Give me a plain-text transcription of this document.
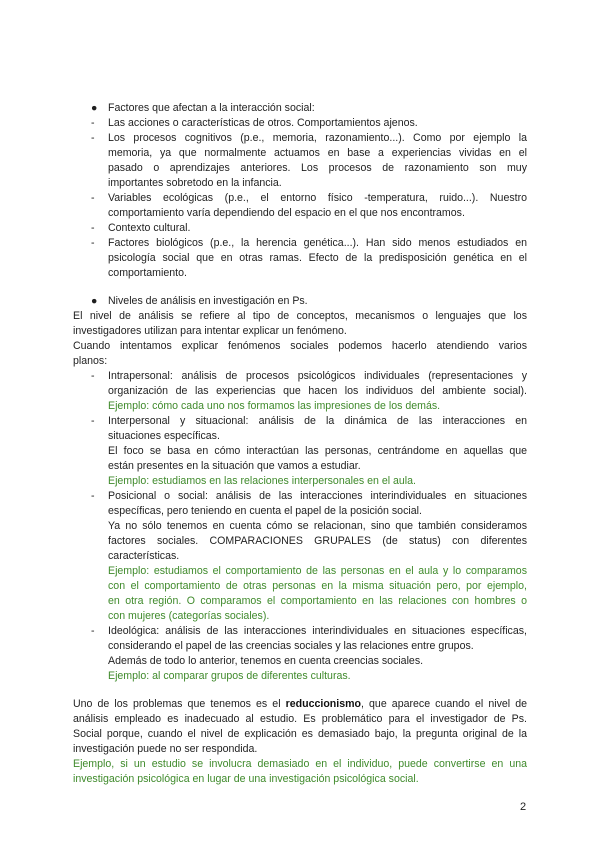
● Factores que afectan a la interacción social:
- Las acciones o características de otros. Comportamientos ajenos.
- Los procesos cognitivos (p.e., memoria, razonamiento...). Como por ejemplo la
memoria, ya que normalmente actuamos en base a experiencias vividas en el
pasado o aprendizajes anteriores. Los procesos de razonamiento son muy
importantes sobretodo en la infancia.
- Variables ecológicas (p.e., el entorno físico -temperatura, ruido...). Nuestro
comportamiento varía dependiendo del espacio en el que nos encontramos.
- Contexto cultural.
- Factores biológicos (p.e., la herencia genética...). Han sido menos estudiados en
psicología social que en otras ramas. Efecto de la predisposición genética en el
comportamiento.
● Niveles de análisis en investigación en Ps.
El nivel de análisis se refiere al tipo de conceptos, mecanismos o lenguajes que los
investigadores utilizan para intentar explicar un fenómeno.
Cuando intentamos explicar fenómenos sociales podemos hacerlo atendiendo varios
planos:
- Intrapersonal: análisis de procesos psicológicos individuales (representaciones y
organización de las experiencias que hacen los individuos del ambiente social).
Ejemplo: cómo cada uno nos formamos las impresiones de los demás.
- Interpersonal y situacional: análisis de la dinámica de las interacciones en
situaciones específicas.
El foco se basa en cómo interactúan las personas, centrándome en aquellas que
están presentes en la situación que vamos a estudiar.
Ejemplo: estudiamos en las relaciones interpersonales en el aula.
- Posicional o social: análisis de las interacciones interindividuales en situaciones
específicas, pero teniendo en cuenta el papel de la posición social.
Ya no sólo tenemos en cuenta cómo se relacionan, sino que también consideramos
factores sociales. COMPARACIONES GRUPALES (de status) con diferentes
características.
Ejemplo: estudiamos el comportamiento de las personas en el aula y lo comparamos
con el comportamiento de otras personas en la misma situación pero, por ejemplo,
en otra región. O comparamos el comportamiento en las relaciones con hombres o
con mujeres (categorías sociales).
- Ideológica: análisis de las interacciones interindividuales en situaciones específicas,
considerando el papel de las creencias sociales y las relaciones entre grupos.
Además de todo lo anterior, tenemos en cuenta creencias sociales.
Ejemplo: al comparar grupos de diferentes culturas.
Uno de los problemas que tenemos es el reduccionismo, que aparece cuando el nivel de
análisis empleado es inadecuado al estudio. Es problemático para el investigador de Ps.
Social porque, cuando el nivel de explicación es demasiado bajo, la pregunta original de la
investigación puede no ser respondida.
Ejemplo, si un estudio se involucra demasiado en el individuo, puede convertirse en una
investigación psicológica en lugar de una investigación psicológica social.
2
